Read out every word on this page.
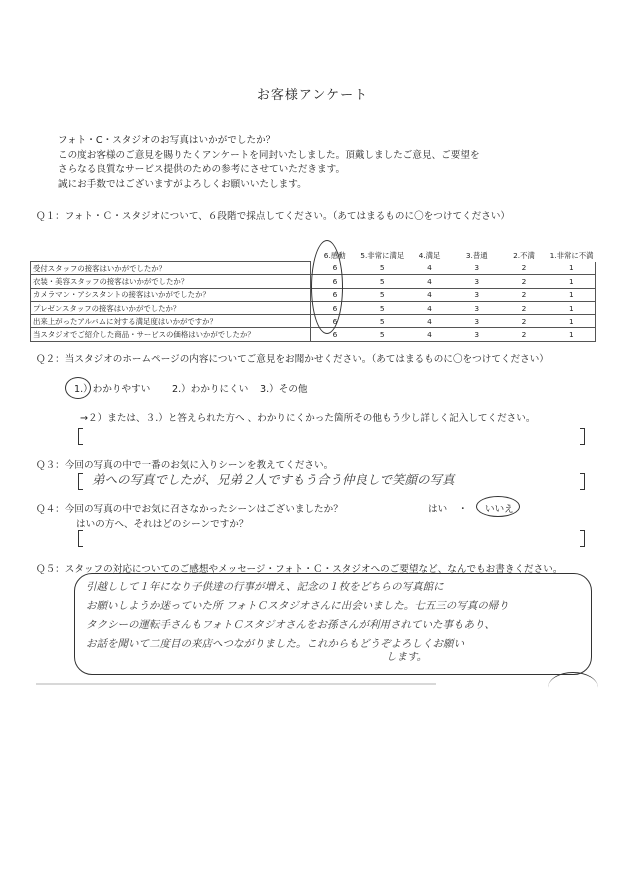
お客様アンケート
フォト・C・スタジオのお写真はいかがでしたか？
この度お客様のご意見を賜りたくアンケートを同封いたしました。頂戴しましたご意見、ご要望を
さらなる良質なサービス提供のための参考にさせていただきます。
誠にお手数ではございますがよろしくお願いいたします。
Ｑ１：フォト・Ｃ・スタジオについて、６段階で採点してください。（あてはまるものに〇をつけてください）
	6.感動	5.非常に満足	4.満足	3.普通	2.不満	1.非常に不満
受付スタッフの接客はいかがでしたか？	6	5	4	3	2	1
衣装・美容スタッフの接客はいかがでしたか？	6	5	4	3	2	1
カメラマン・アシスタントの接客はいかがでしたか？	6	5	4	3	2	1
プレゼンスタッフの接客はいかがでしたか？	6	5	4	3	2	1
出来上がったアルバムに対する満足度はいかがですか？	6	5	4	3	2	1
当スタジオでご紹介した商品・サービスの価格はいかがでしたか？	6	5	4	3	2	1
Ｑ２：当スタジオのホームページの内容についてご意見をお聞かせください。（あてはまるものに〇をつけてください）
1.）わかりやすい 2.）わかりにくい 3.）その他
→２）または、３.）と答えられた方へ 、わかりにくかった箇所その他もう少し詳しく記入してください。
Ｑ３：今回の写真の中で一番のお気に入りシーンを教えてください。
弟への写真でしたが、兄弟２人ですもう合う仲良しで笑顔の写真
Ｑ４：今回の写真の中でお気に召さなかったシーンはございましたか？	はい ・ いいえ
はいの方へ、それはどのシーンですか？
Ｑ５：スタッフの対応についてのご感想やメッセージ・フォト・Ｃ・スタジオへのご要望など、なんでもお書きください。
引越しして１年になり子供達の行事が増え、記念の１枚をどちらの写真館に
お願いしようか迷っていた所 フォトＣスタジオさんに出会いました。七五三の写真の帰り
タクシーの運転手さんもフォトＣスタジオさんをお孫さんが利用されていた事もあり、
お話を聞いて二度目の来店へつながりました。これからもどうぞよろしくお願い
します。
